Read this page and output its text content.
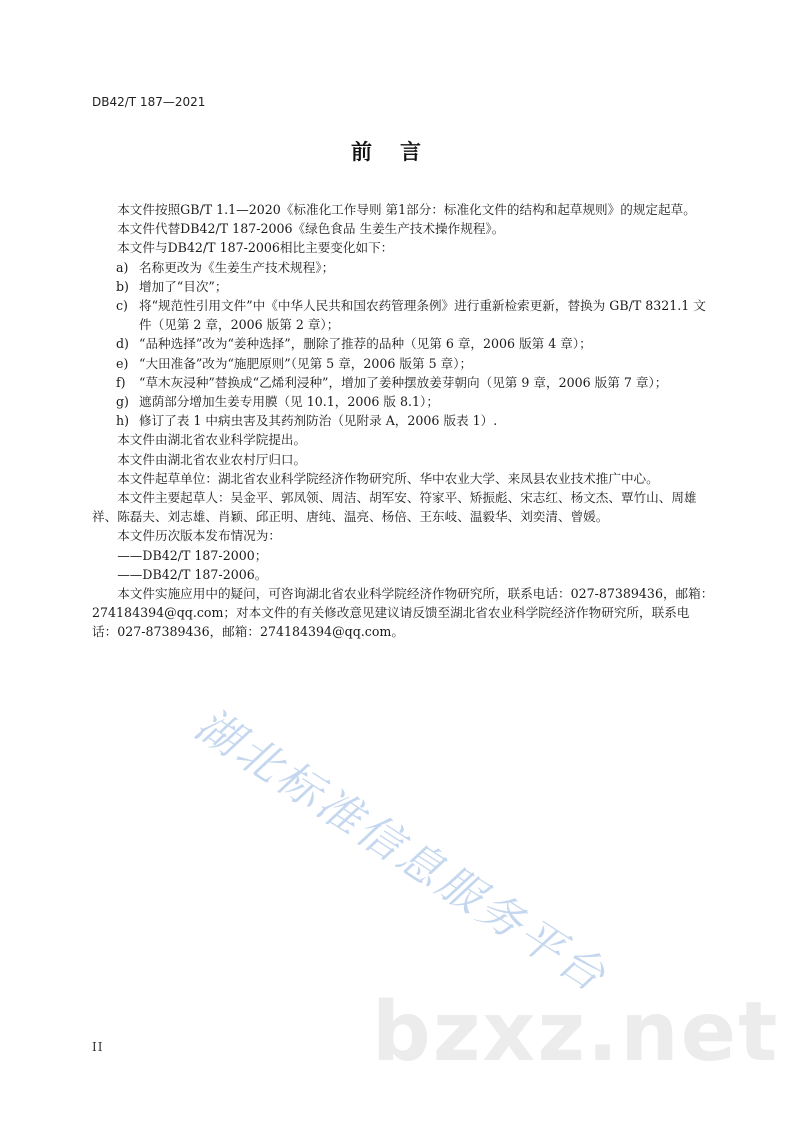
DB42/T 187—2021
前言

本文件按照GB/T 1.1—2020《标准化工作导则 第1部分：标准化文件的结构和起草规则》的规定起草。

本文件代替DB42/T 187-2006《绿色食品 生姜生产技术操作规程》。

本文件与DB42/T 187-2006相比主要变化如下：

a) 名称更改为《生姜生产技术规程》；

b) 增加了“目次”；

c) 将“规范性引用文件”中《中华人民共和国农药管理条例》进行重新检索更新，替换为 GB/T 8321.1 文件（见第 2 章，2006 版第 2 章）；

d) “品种选择”改为“姜种选择”，删除了推荐的品种（见第 6 章，2006 版第 4 章）；

e) “大田准备”改为“施肥原则”（见第 5 章，2006 版第 5 章）；

f) “草木灰浸种”替换成“乙烯利浸种”，增加了姜种摆放姜芽朝向（见第 9 章，2006 版第 7 章）；

g) 遮荫部分增加生姜专用膜（见 10.1，2006 版 8.1）；

h) 修订了表 1 中病虫害及其药剂防治（见附录 A，2006 版表 1）.

本文件由湖北省农业科学院提出。

本文件由湖北省农业农村厅归口。

本文件起草单位：湖北省农业科学院经济作物研究所、华中农业大学、来凤县农业技术推广中心。

本文件主要起草人：吴金平、郭凤领、周洁、胡军安、符家平、矫振彪、宋志红、杨文杰、覃竹山、周雄祥、陈磊夫、刘志雄、肖颖、邱正明、唐纯、温亮、杨倍、王东岐、温毅华、刘奕清、曾媛。

本文件历次版本发布情况为：

——DB42/T 187-2000；

——DB42/T 187-2006。

本文件实施应用中的疑问，可咨询湖北省农业科学院经济作物研究所，联系电话：027-87389436，邮箱：274184394@qq.com；对本文件的有关修改意见建议请反馈至湖北省农业科学院经济作物研究所，联系电话：027-87389436，邮箱：274184394@qq.com。

湖北标准信息服务平台
bzxz.net
II
